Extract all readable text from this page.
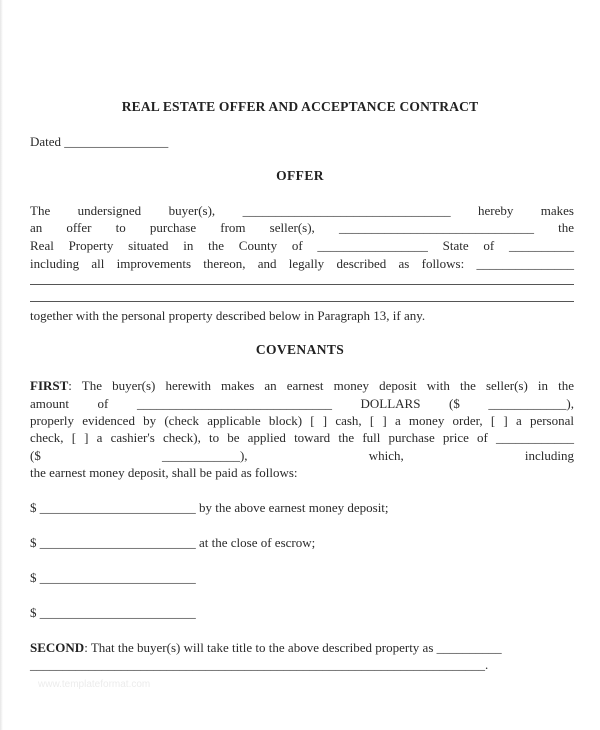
REAL ESTATE OFFER AND ACCEPTANCE CONTRACT
Dated ________________
OFFER
The undersigned buyer(s), ________________________________ hereby makes
an offer to purchase from seller(s), ______________________________ the
Real Property situated in the County of _________________ State of __________
including all improvements thereon, and legally described as follows: _______________
together with the personal property described below in Paragraph 13, if any.
COVENANTS
FIRST: The buyer(s) herewith makes an earnest money deposit with the seller(s) in the
amount of ______________________________ DOLLARS ($ ____________),
properly evidenced by (check applicable block) [ ] cash, [ ] a money order, [ ] a personal
check, [ ] a cashier's check), to be applied toward the full purchase price of ____________
($ ____________), which, including
the earnest money deposit, shall be paid as follows:
$ ________________________ by the above earnest money deposit;
$ ________________________ at the close of escrow;
$ ________________________
$ ________________________
SECOND: That the buyer(s) will take title to the above described property as __________
______________________________________________________________________.
www.templateformat.com
